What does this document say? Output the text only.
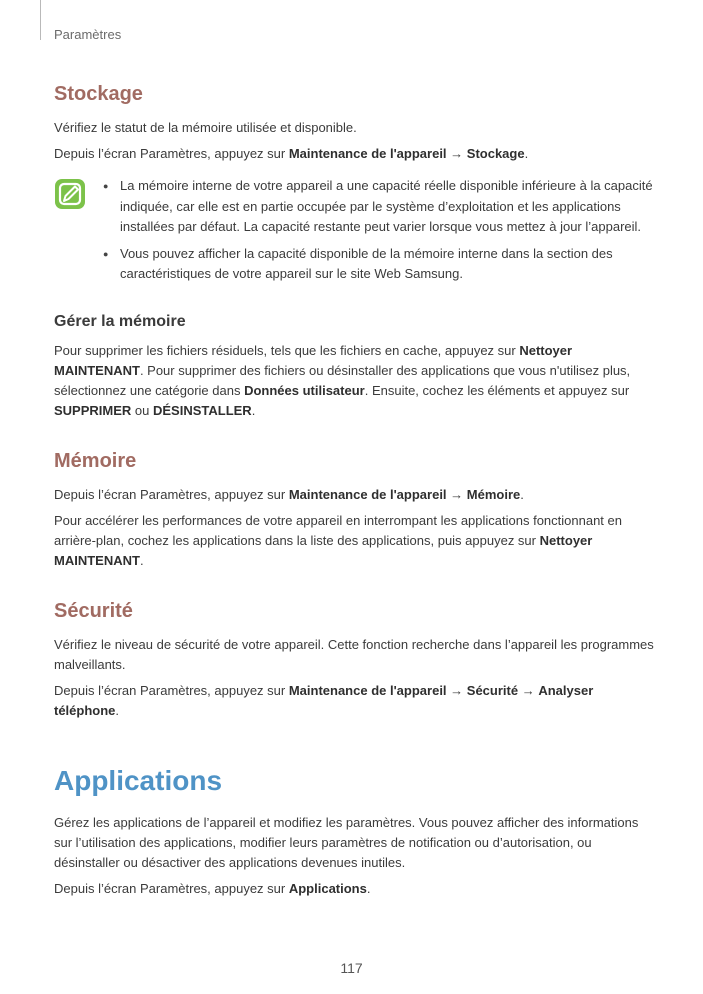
Paramètres
Stockage

Vérifiez le statut de la mémoire utilisée et disponible.

Depuis l’écran Paramètres, appuyez sur Maintenance de l'appareil → Stockage.

● La mémoire interne de votre appareil a une capacité réelle disponible inférieure à la capacité indiquée, car elle est en partie occupée par le système d’exploitation et les applications installées par défaut. La capacité restante peut varier lorsque vous mettez à jour l’appareil.
● Vous pouvez afficher la capacité disponible de la mémoire interne dans la section des caractéristiques de votre appareil sur le site Web Samsung.
Gérer la mémoire

Pour supprimer les fichiers résiduels, tels que les fichiers en cache, appuyez sur Nettoyer MAINTENANT. Pour supprimer des fichiers ou désinstaller des applications que vous n'utilisez plus, sélectionnez une catégorie dans Données utilisateur. Ensuite, cochez les éléments et appuyez sur SUPPRIMER ou DÉSINSTALLER.

Mémoire

Depuis l’écran Paramètres, appuyez sur Maintenance de l'appareil → Mémoire.

Pour accélérer les performances de votre appareil en interrompant les applications fonctionnant en arrière-plan, cochez les applications dans la liste des applications, puis appuyez sur Nettoyer MAINTENANT.

Sécurité

Vérifiez le niveau de sécurité de votre appareil. Cette fonction recherche dans l’appareil les programmes malveillants.

Depuis l’écran Paramètres, appuyez sur Maintenance de l'appareil → Sécurité → Analyser téléphone.

Applications

Gérez les applications de l’appareil et modifiez les paramètres. Vous pouvez afficher des informations sur l’utilisation des applications, modifier leurs paramètres de notification ou d’autorisation, ou désinstaller ou désactiver des applications devenues inutiles.

Depuis l’écran Paramètres, appuyez sur Applications.

117
